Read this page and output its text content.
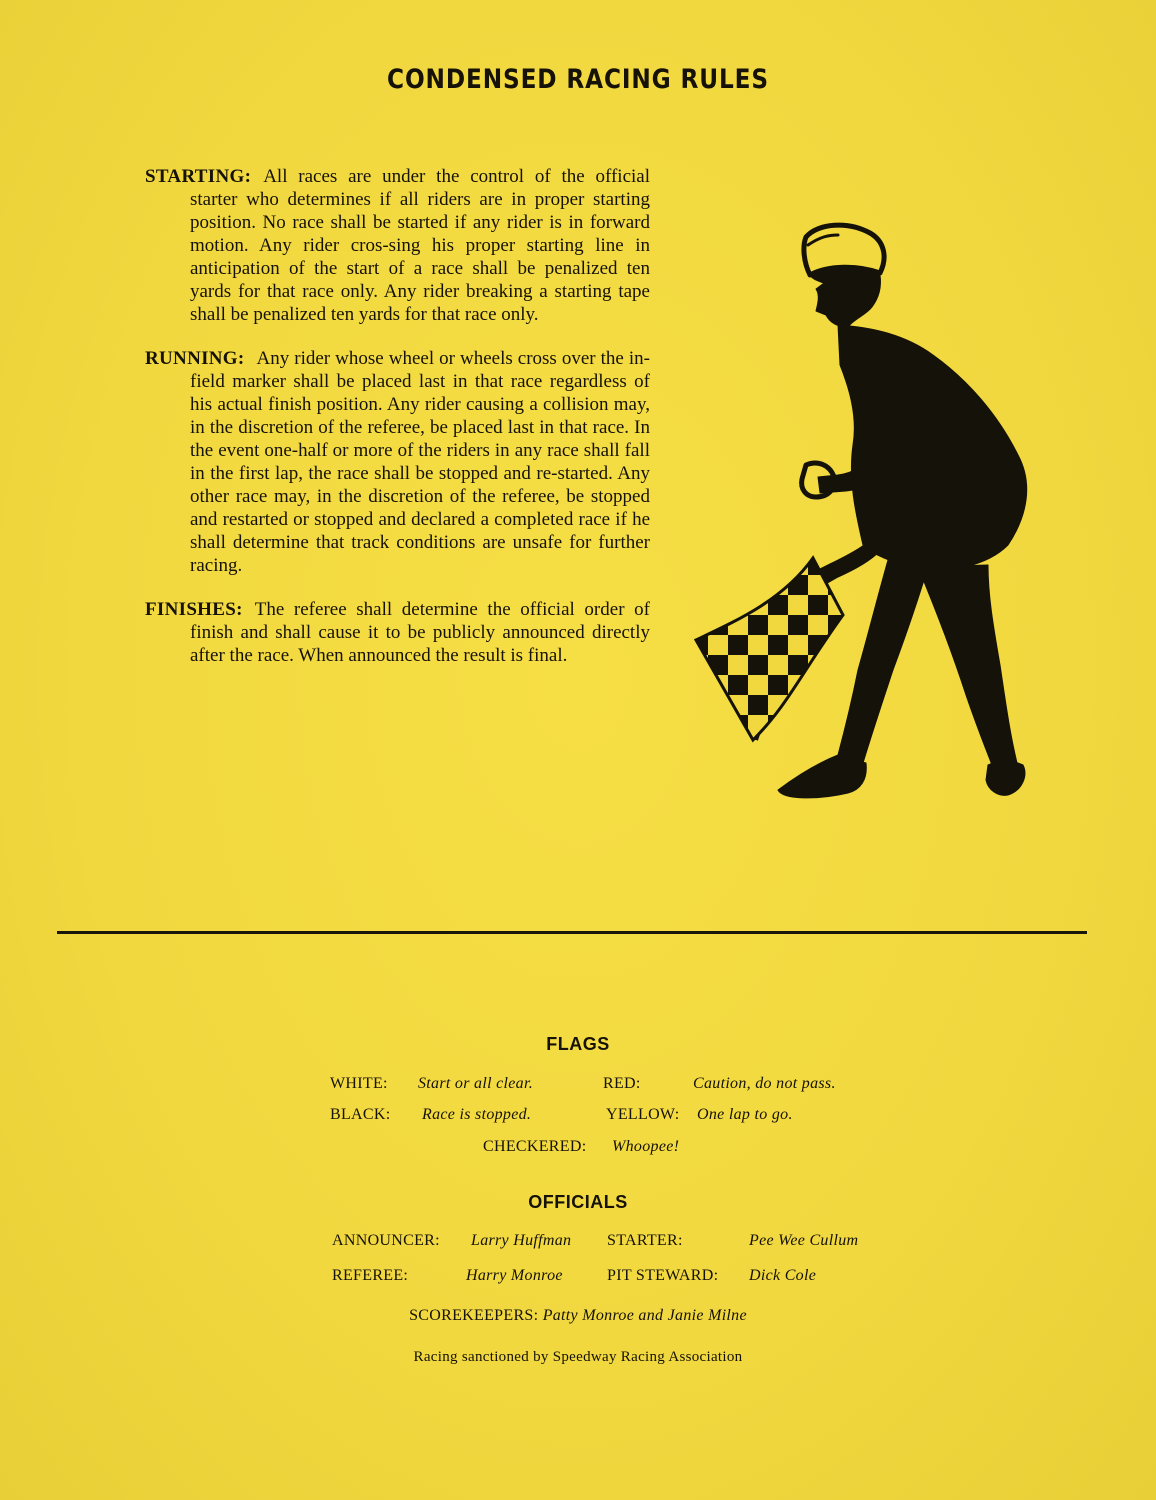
CONDENSED RACING RULES
STARTING: All races are under the control of the official starter who determines if all riders are in proper starting position. No race shall be started if any rider is in forward motion. Any rider cros-sing his proper starting line in anticipation of the start of a race shall be penalized ten yards for that race only. Any rider breaking a starting tape shall be penalized ten yards for that race only.
RUNNING: Any rider whose wheel or wheels cross over the in-field marker shall be placed last in that race regardless of his actual finish position. Any rider causing a collision may, in the discretion of the referee, be placed last in that race. In the event one-half or more of the riders in any race shall fall in the first lap, the race shall be stopped and re-started. Any other race may, in the discretion of the referee, be stopped and restarted or stopped and declared a completed race if he shall determine that track conditions are unsafe for further racing.
FINISHES: The referee shall determine the official order of finish and shall cause it to be publicly announced directly after the race. When announced the result is final.
FLAGS
WHITE: Start or all clear.	RED:	Caution, do not pass.
BLACK: Race is stopped.	YELLOW: One lap to go.
CHECKERED: Whoopee!
OFFICIALS
ANNOUNCER: Larry Huffman STARTER:	Pee Wee Cullum
REFEREE:	Harry Monroe	PIT STEWARD: Dick Cole
SCOREKEEPERS: Patty Monroe and Janie Milne
Racing sanctioned by Speedway Racing Association
